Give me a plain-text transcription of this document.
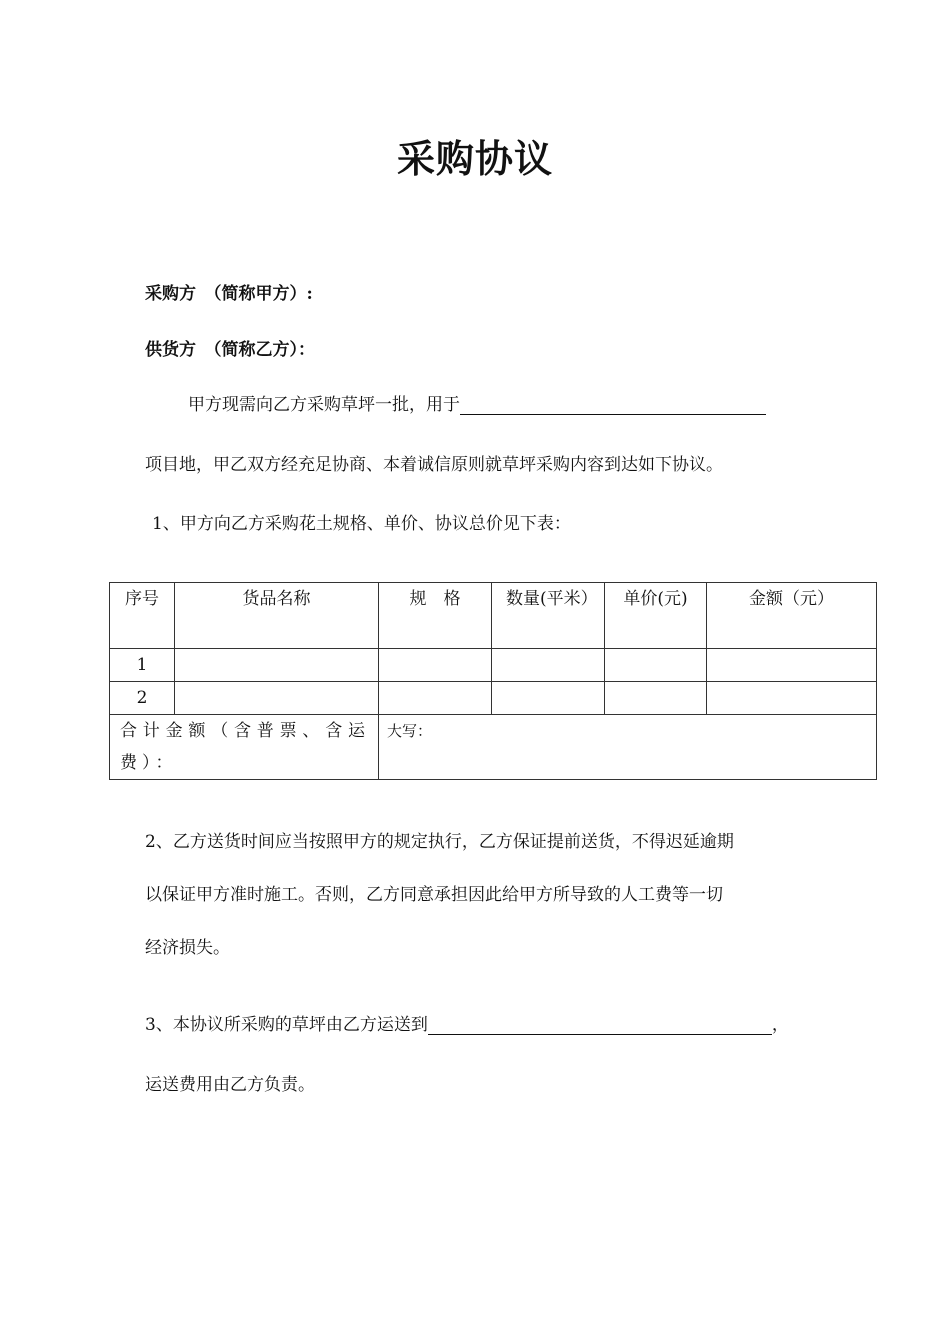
采购协议
采购方　（简称甲方）:
供货方　（简称乙方）：
甲方现需向乙方采购草坪一批，用于
项目地，甲乙双方经充足协商、本着诚信原则就草坪采购内容到达如下协议。
1、甲方向乙方采购花土规格、单价、协议总价见下表：
序号	货品名称	规　格	数量(平米）	单价(元)	金额（元）
1					
2					
合计金额（含普票、含运费）：		大写：			
2、乙方送货时间应当按照甲方的规定执行，乙方保证提前送货，不得迟延逾期
以保证甲方准时施工。否则，乙方同意承担因此给甲方所导致的人工费等一切
经济损失。
3、本协议所采购的草坪由乙方运送到	，
运送费用由乙方负责。
